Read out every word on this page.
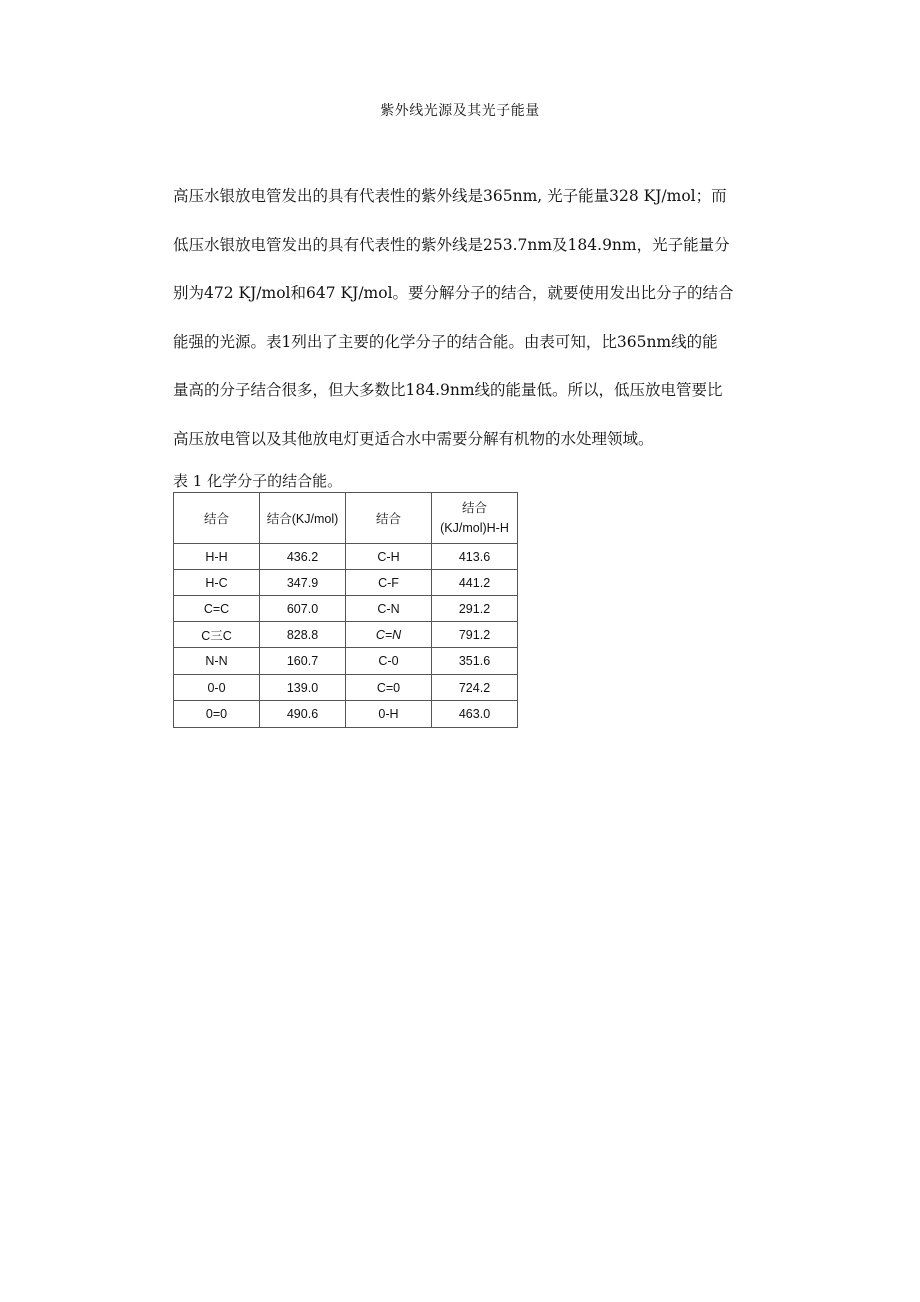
紫外线光源及其光子能量

高压水银放电管发出的具有代表性的紫外线是365nm, 光子能量328 KJ/mol；而
低压水银放电管发出的具有代表性的紫外线是253.7nm及184.9nm，光子能量分
别为472 KJ/mol和647 KJ/mol。要分解分子的结合，就要使用发出比分子的结合
能强的光源。表1列出了主要的化学分子的结合能。由表可知，比365nm线的能
量高的分子结合很多，但大多数比184.9nm线的能量低。所以，低压放电管要比
高压放电管以及其他放电灯更适合水中需要分解有机物的水处理领域。

表 1 化学分子的结合能。
结合	结合(KJ/mol)	结合	结合
(KJ/mol)H-H

H-H	436.2	C-H	413.6
H-C	347.9	C-F	441.2
C=C	607.0	C-N	291.2
C三C	828.8	C=N	791.2
N-N	160.7	C-0	351.6
0-0	139.0	C=0	724.2
0=0	490.6	0-H	463.0
